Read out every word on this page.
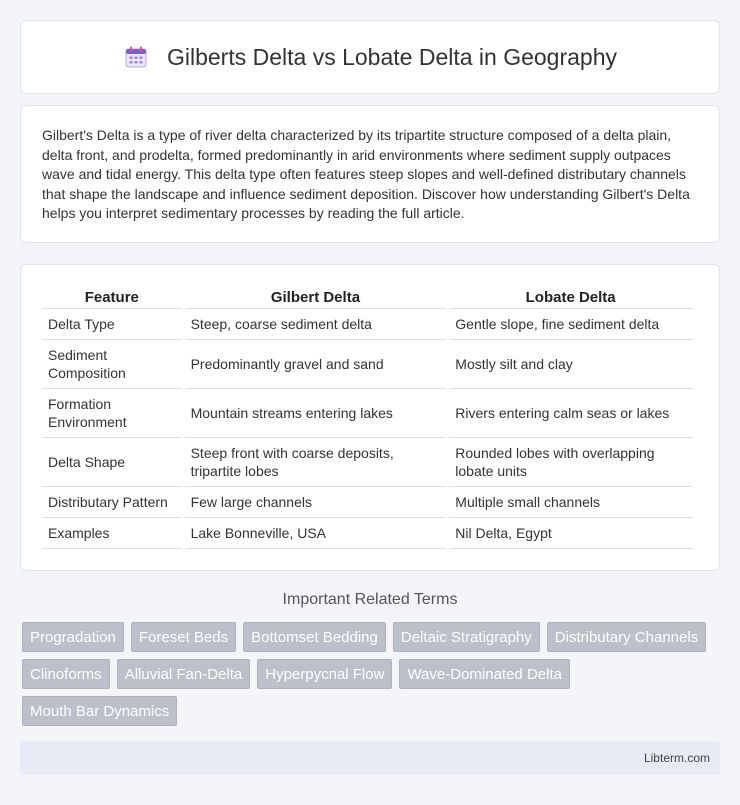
Gilberts Delta vs Lobate Delta in Geography

Gilbert's Delta is a type of river delta characterized by its tripartite structure composed of a delta plain, delta front, and prodelta, formed predominantly in arid environments where sediment supply outpaces wave and tidal energy. This delta type often features steep slopes and well-defined distributary channels that shape the landscape and influence sediment deposition. Discover how understanding Gilbert's Delta helps you interpret sedimentary processes by reading the full article.

Feature	Gilbert Delta	Lobate Delta
Delta Type	Steep, coarse sediment delta	Gentle slope, fine sediment delta
Sediment Composition	Predominantly gravel and sand	Mostly silt and clay
Formation Environment	Mountain streams entering lakes	Rivers entering calm seas or lakes
Delta Shape	Steep front with coarse deposits, tripartite lobes	Rounded lobes with overlapping lobate units
Distributary Pattern	Few large channels	Multiple small channels
Examples	Lake Bonneville, USA	Nil Delta, Egypt
Important Related Terms
Progradation	Foreset Beds	Bottomset Bedding	Deltaic Stratigraphy	Distributary Channels
Clinoforms	Alluvial Fan-Delta	Hyperpycnal Flow	Wave-Dominated Delta
Mouth Bar Dynamics
Libterm.com
